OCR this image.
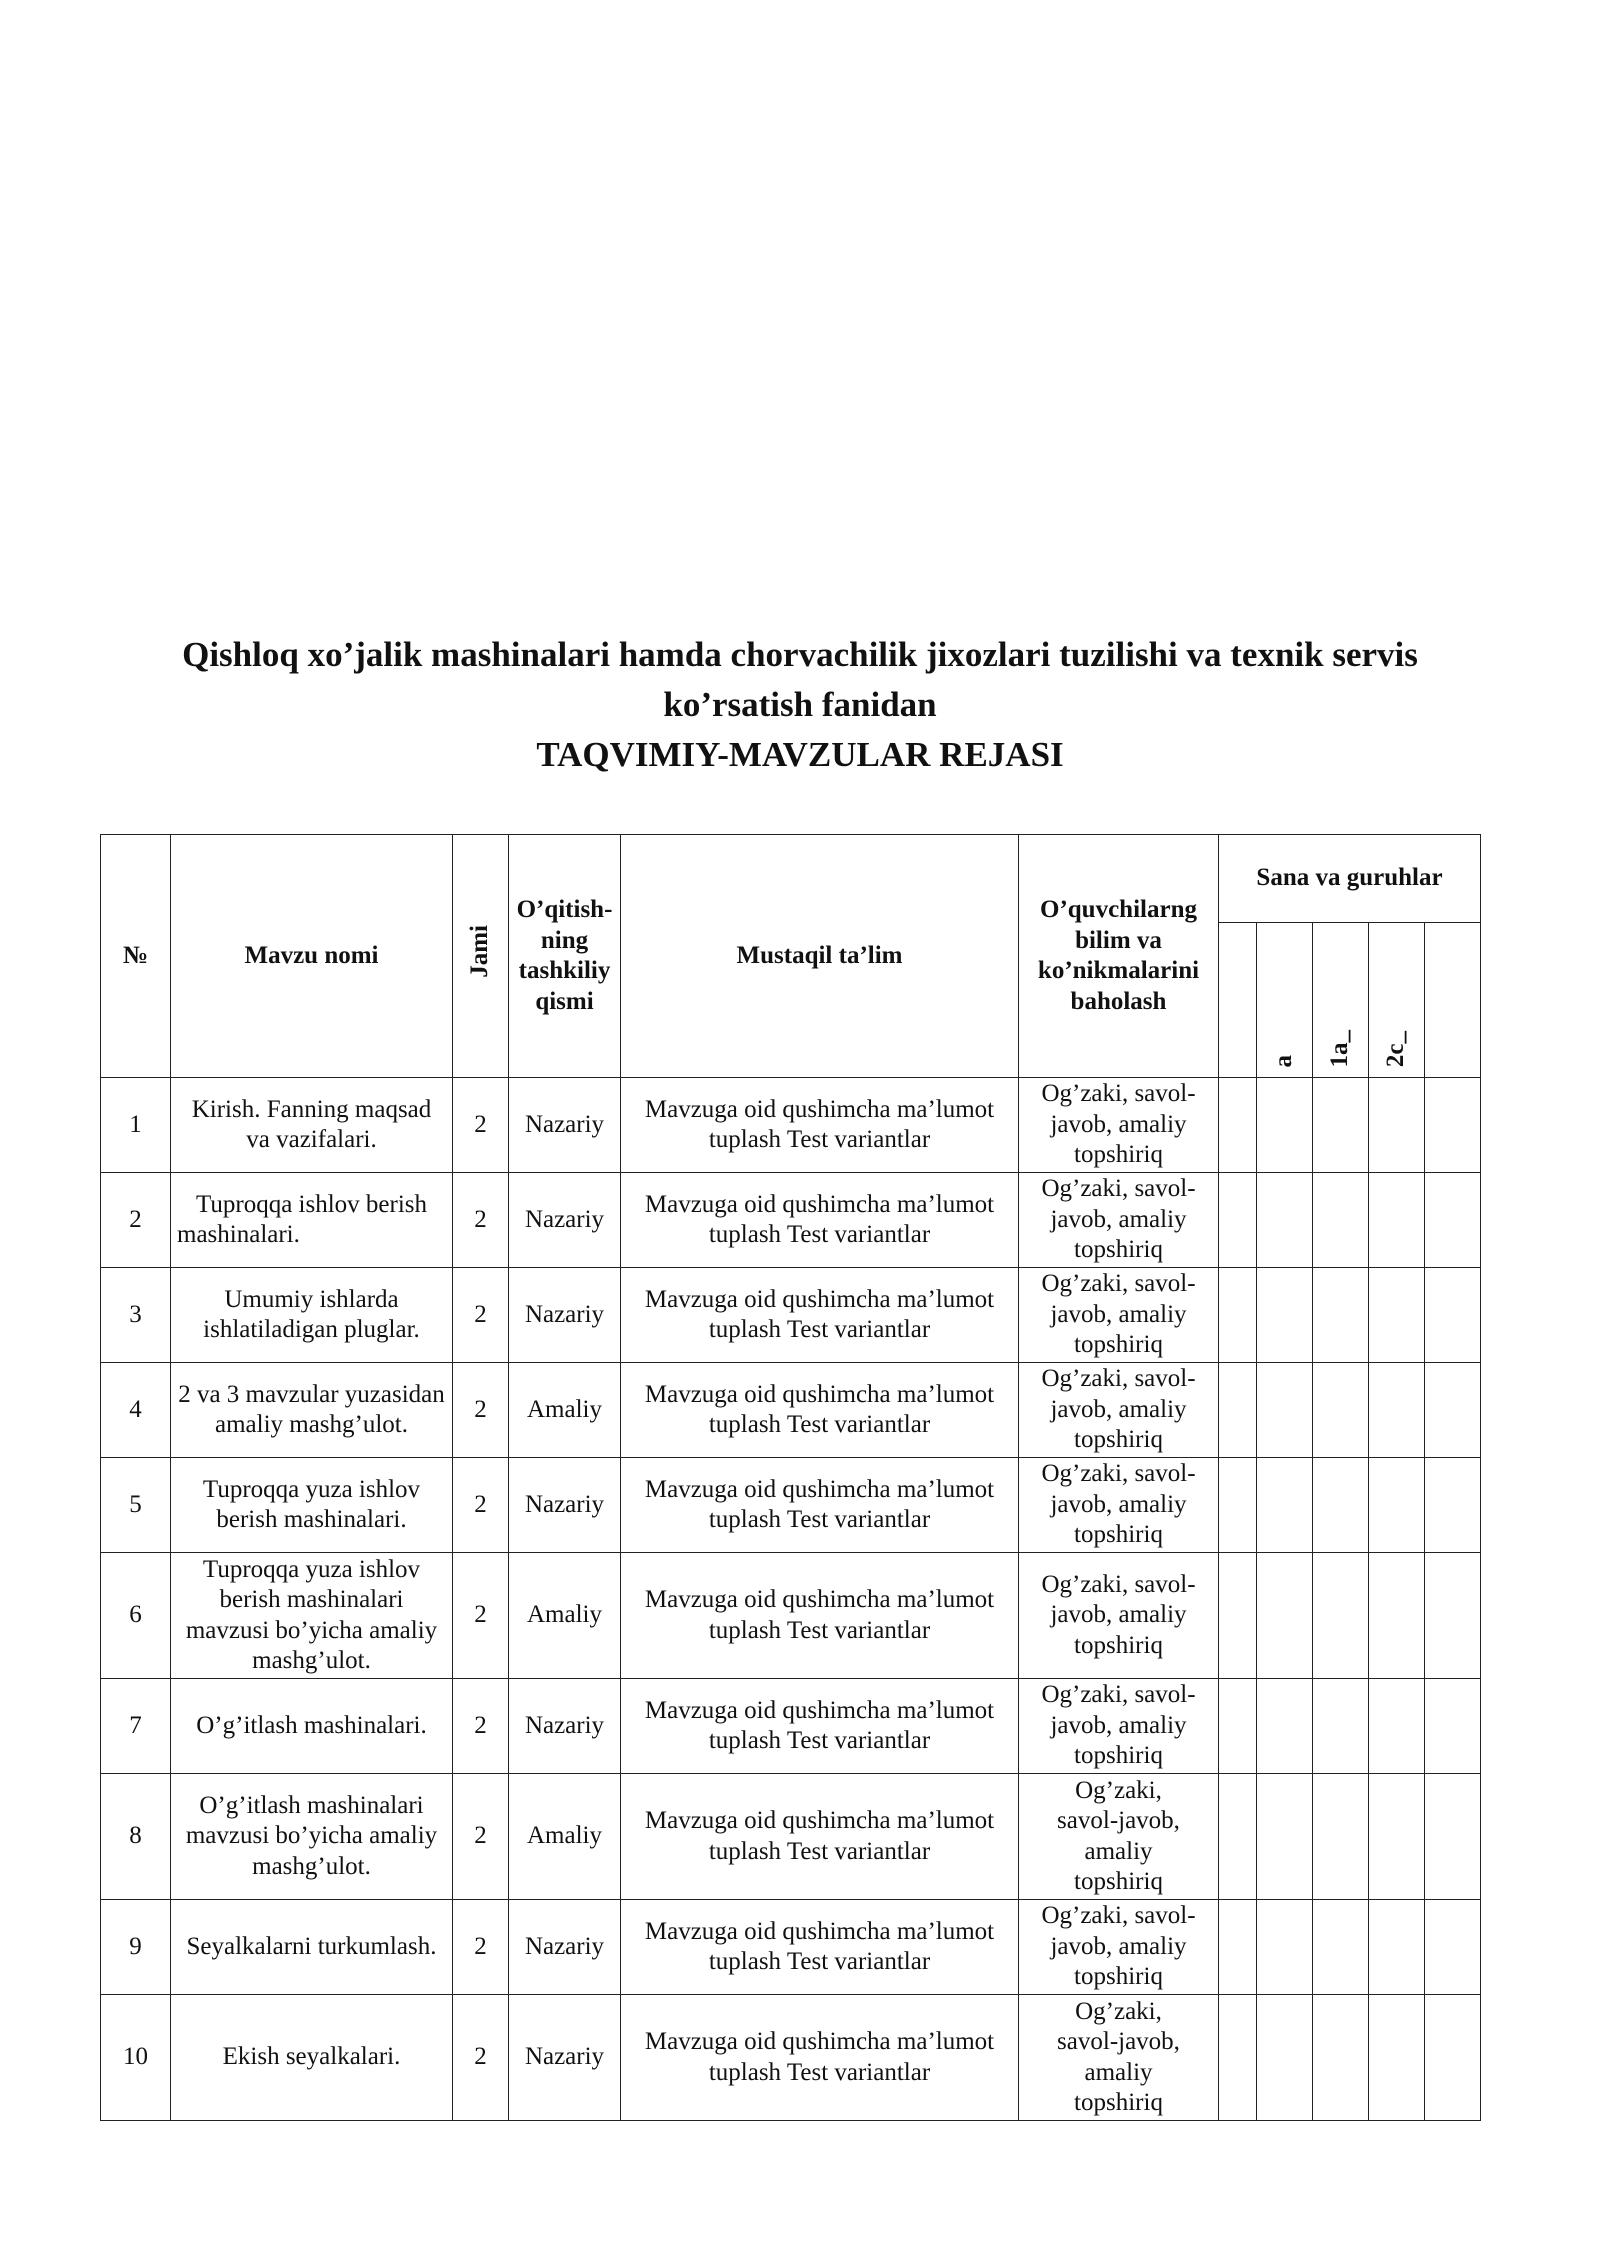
Qishloq xo’jalik mashinalari hamda chorvachilik jixozlari tuzilishi va texnik servis

ko’rsatish fanidan

TAQVIMIY-MAVZULAR REJASI

№	Mavzu nomi	Jami	O’qitish-ning tashkiliy qismi	Mustaqil ta’lim	O’quvchilarng bilim va ko’nikmalarini baholash	Sana va guruhlar				

							a	1a_	2c_	

1	Kirish. Fanning maqsad va vazifalari.	2	Nazariy	Mavzuga oid qushimcha ma’lumot tuplash Test variantlar	Og’zaki, savol-javob, amaliy topshiriq					
2	Tuproqqa ishlov berish mashinalari.	2	Nazariy	Mavzuga oid qushimcha ma’lumot tuplash Test variantlar	Og’zaki, savol-javob, amaliy topshiriq					
3	Umumiy ishlarda ishlatiladigan pluglar.	2	Nazariy	Mavzuga oid qushimcha ma’lumot tuplash Test variantlar	Og’zaki, savol-javob, amaliy topshiriq					
4	2 va 3 mavzular yuzasidan amaliy mashg’ulot.	2	Amaliy	Mavzuga oid qushimcha ma’lumot tuplash Test variantlar	Og’zaki, savol-javob, amaliy topshiriq					
5	Tuproqqa yuza ishlov berish mashinalari.	2	Nazariy	Mavzuga oid qushimcha ma’lumot tuplash Test variantlar	Og’zaki, savol-javob, amaliy topshiriq					
6	Tuproqqa yuza ishlov berish mashinalari mavzusi bo’yicha amaliy mashg’ulot.	2	Amaliy	Mavzuga oid qushimcha ma’lumot tuplash Test variantlar	Og’zaki, savol-javob, amaliy topshiriq					
7	O’g’itlash mashinalari.	2	Nazariy	Mavzuga oid qushimcha ma’lumot tuplash Test variantlar	Og’zaki, savol-javob, amaliy topshiriq					
8	O’g’itlash mashinalari mavzusi bo’yicha amaliy mashg’ulot.	2	Amaliy	Mavzuga oid qushimcha ma’lumot tuplash Test variantlar	Og’zaki, savol-javob, amaliy topshiriq					
9	Seyalkalarni turkumlash.	2	Nazariy	Mavzuga oid qushimcha ma’lumot tuplash Test variantlar	Og’zaki, savol-javob, amaliy topshiriq					
10	Ekish seyalkalari.	2	Nazariy	Mavzuga oid qushimcha ma’lumot tuplash Test variantlar	Og’zaki, savol-javob, amaliy topshiriq					
